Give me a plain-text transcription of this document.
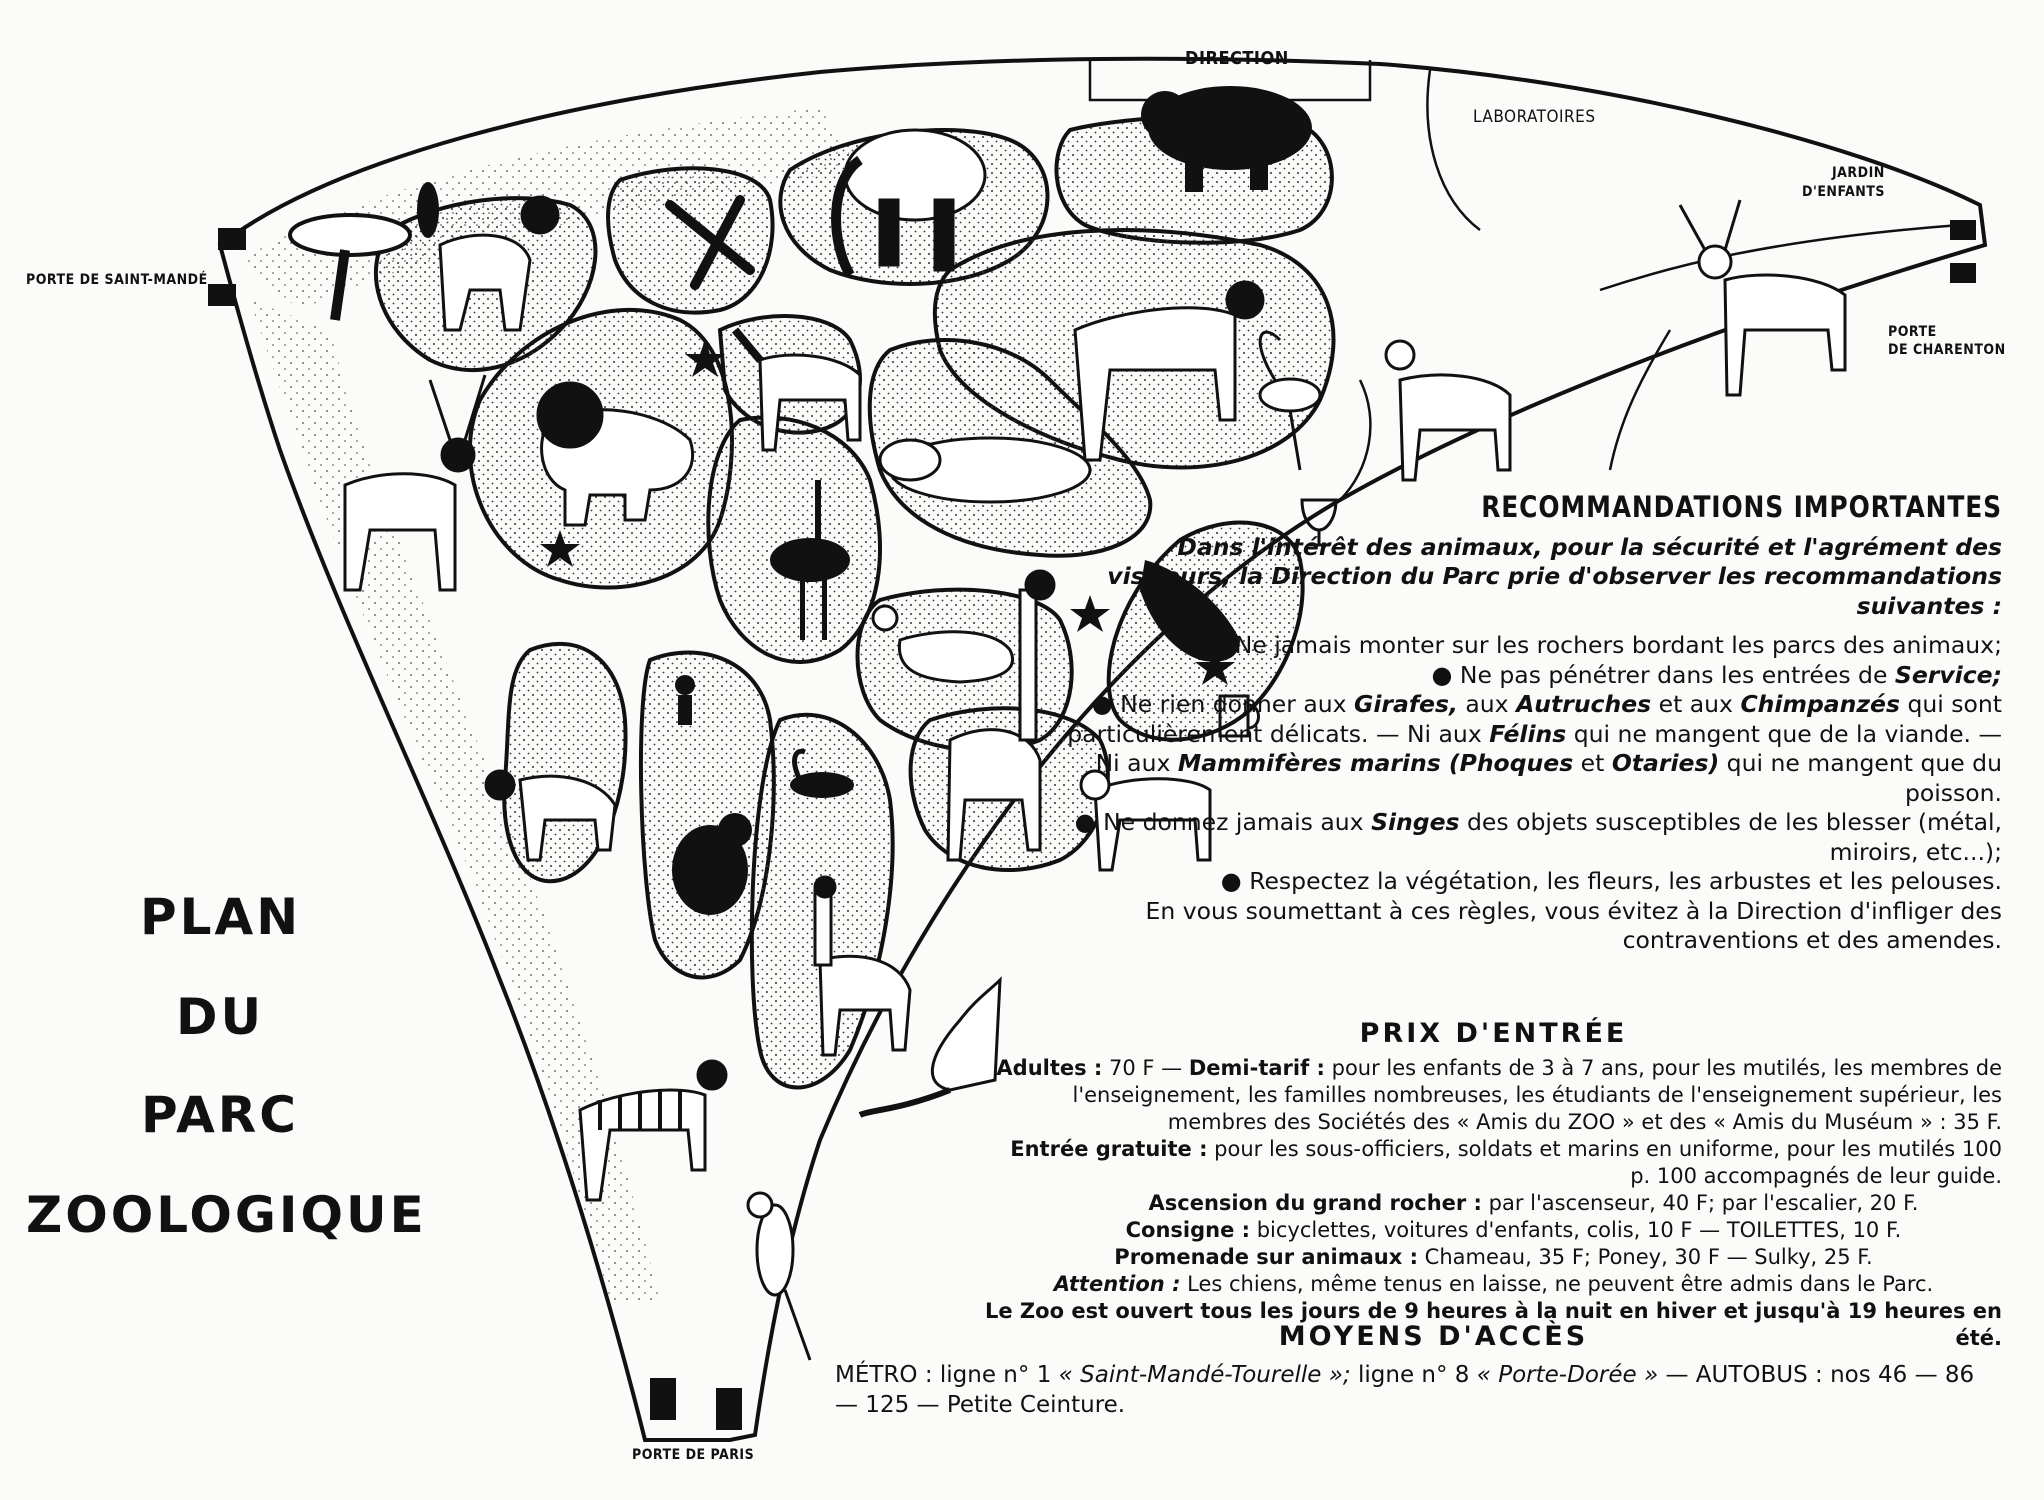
DIRECTION
LABORATOIRES
JARDIN
D'ENFANTS
PORTE DE SAINT-MANDÉ
PORTE
DE CHARENTON
PORTE DE PARIS
PLAN
DU
PARC
ZOOLOGIQUE
RECOMMANDATIONS IMPORTANTES

Dans l'intérêt des animaux, pour la sécurité et l'agrément des visiteurs, la Direction du Parc prie d'observer les recommandations suivantes :

● Ne jamais monter sur les rochers bordant les parcs des animaux;

● Ne pas pénétrer dans les entrées de Service;

● Ne rien donner aux Girafes, aux Autruches et aux Chimpanzés qui sont particulièrement délicats. — Ni aux Félins qui ne mangent que de la viande. — Ni aux Mammifères marins (Phoques et Otaries) qui ne mangent que du poisson.

● Ne donnez jamais aux Singes des objets susceptibles de les blesser (métal, miroirs, etc...);

● Respectez la végétation, les fleurs, les arbustes et les pelouses.

En vous soumettant à ces règles, vous évitez à la Direction d'infliger des contraventions et des amendes.

PRIX D'ENTRÉE

Adultes : 70 F — Demi-tarif : pour les enfants de 3 à 7 ans, pour les mutilés, les membres de l'enseignement, les familles nombreuses, les étudiants de l'enseignement supérieur, les membres des Sociétés des « Amis du ZOO » et des « Amis du Muséum » : 35 F.

Entrée gratuite : pour les sous-officiers, soldats et marins en uniforme, pour les mutilés 100 p. 100 accompagnés de leur guide.

Ascension du grand rocher : par l'ascenseur, 40 F; par l'escalier, 20 F.

Consigne : bicyclettes, voitures d'enfants, colis, 10 F — TOILETTES, 10 F.

Promenade sur animaux : Chameau, 35 F; Poney, 30 F — Sulky, 25 F.

Attention : Les chiens, même tenus en laisse, ne peuvent être admis dans le Parc.

Le Zoo est ouvert tous les jours de 9 heures à la nuit en hiver et jusqu'à 19 heures en été.

MOYENS D'ACCÈS

MÉTRO : ligne n° 1 « Saint-Mandé-Tourelle »; ligne n° 8 « Porte-Dorée » — AUTOBUS : nos 46 — 86 — 125 — Petite Ceinture.
